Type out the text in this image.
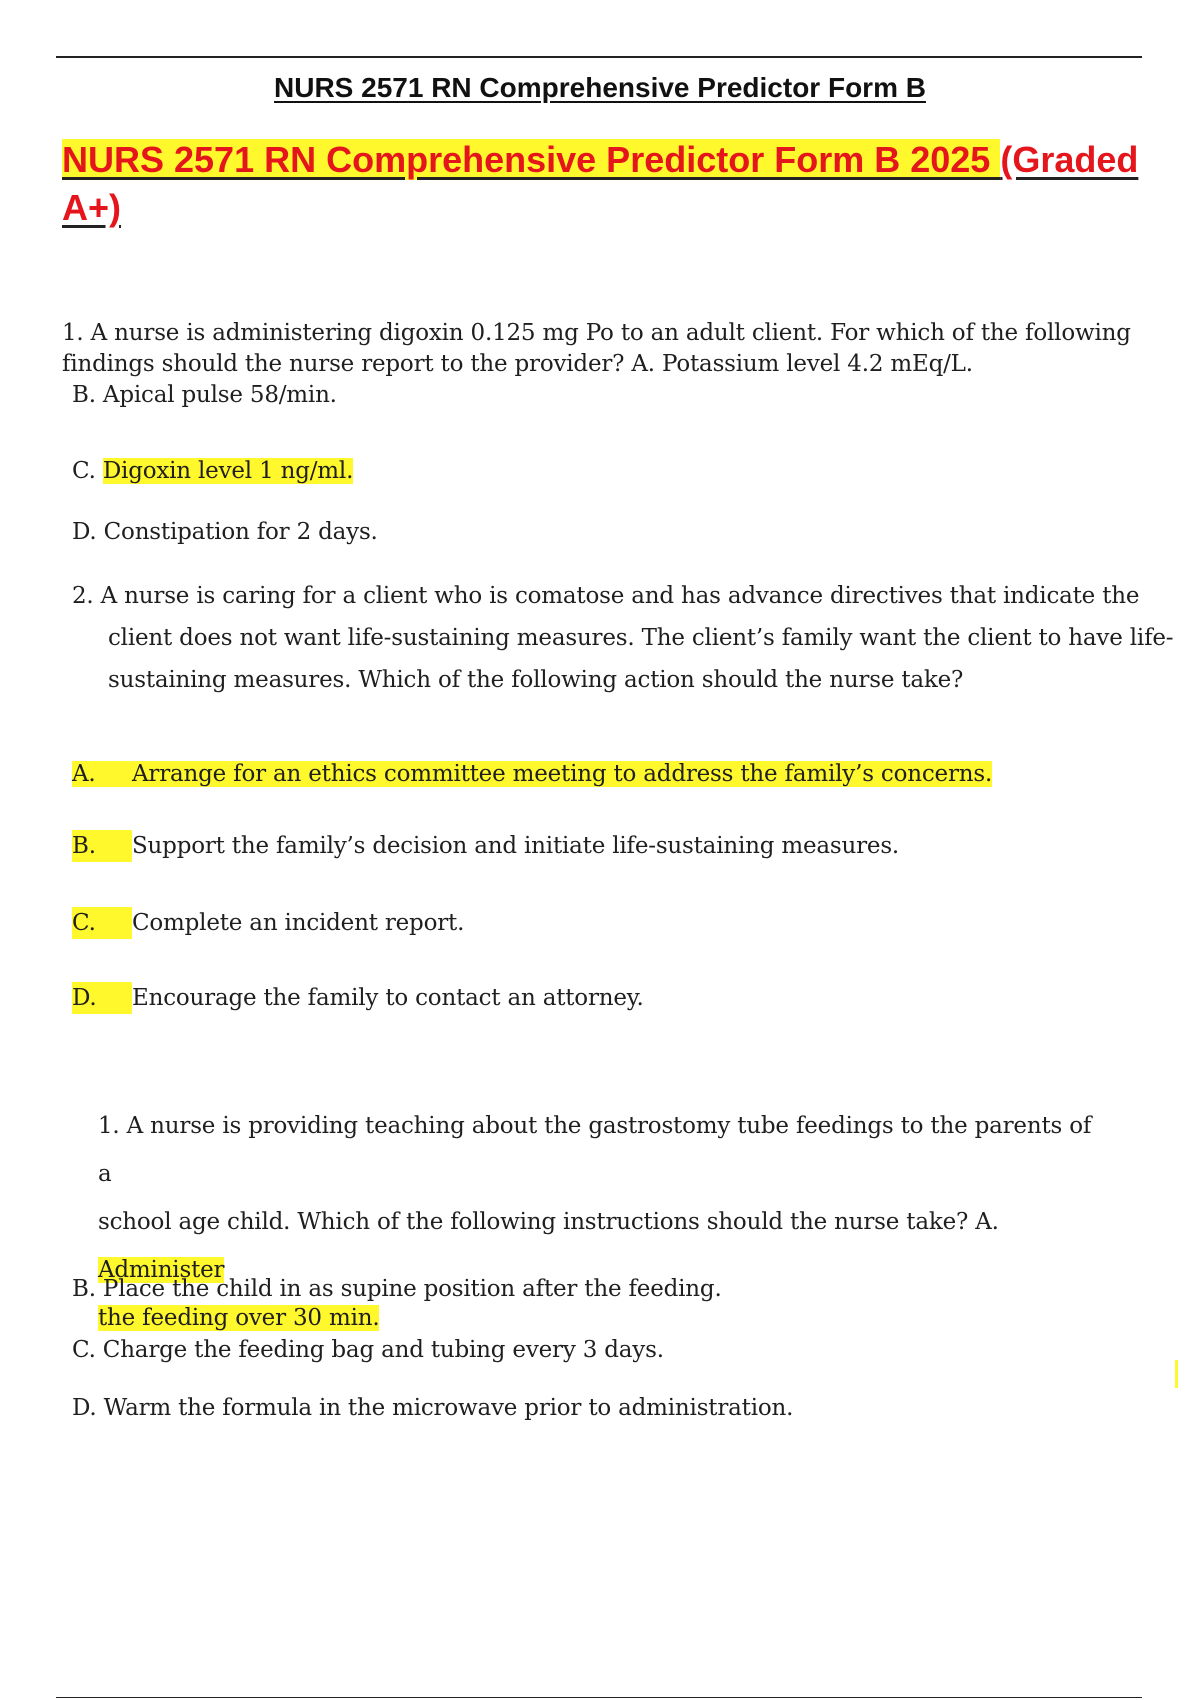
NURS 2571 RN Comprehensive Predictor Form B
NURS 2571 RN Comprehensive Predictor Form B 2025 (Graded A+)

1. A nurse is administering digoxin 0.125 mg Po to an adult client. For which of the following findings should the nurse report to the provider? A. Potassium level 4.2 mEq/L.

B. Apical pulse 58/min.

C. Digoxin level 1 ng/ml.

D. Constipation for 2 days.

2. A nurse is caring for a client who is comatose and has advance directives that indicate the client does not want life-sustaining measures. The client’s family want the client to have life-sustaining measures. Which of the following action should the nurse take?

A. Arrange for an ethics committee meeting to address the family’s concerns.

B. Support the family’s decision and initiate life-sustaining measures.

C. Complete an incident report.

D. Encourage the family to contact an attorney.

1. A nurse is providing teaching about the gastrostomy tube feedings to the parents of a
school age child. Which of the following instructions should the nurse take? A. Administer
the feeding over 30 min.

B. Place the child in as supine position after the feeding.

C. Charge the feeding bag and tubing every 3 days.

D. Warm the formula in the microwave prior to administration.
